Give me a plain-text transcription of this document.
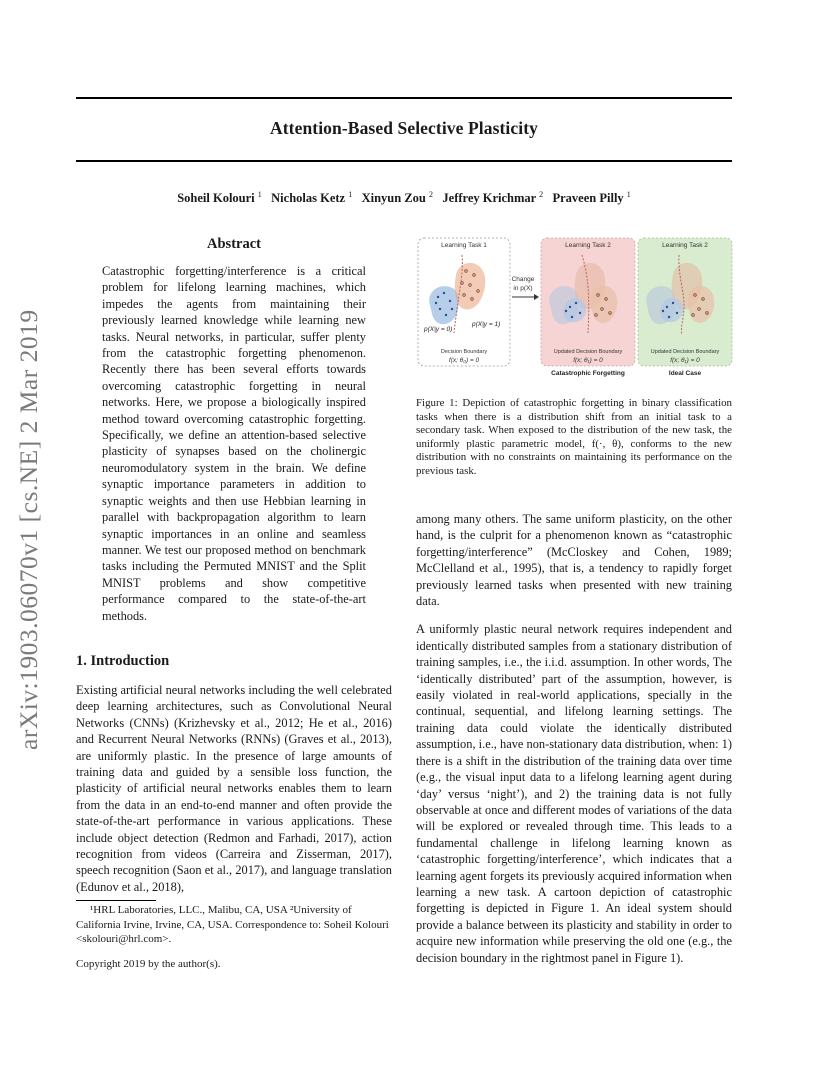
Attention-Based Selective Plasticity
Soheil Kolouri $^1$ Nicholas Ketz $^1$ Xinyun Zou $^2$ Jeffrey Krichmar $^2$ Praveen Pilly $^1$
arXiv:1903.06070v1 [cs.NE] 2 Mar 2019
Abstract
Catastrophic forgetting/interference is a critical problem for lifelong learning machines, which impedes the agents from maintaining their previously learned knowledge while learning new tasks. Neural networks, in particular, suffer plenty from the catastrophic forgetting phenomenon. Recently there has been several efforts towards overcoming catastrophic forgetting in neural networks. Here, we propose a biologically inspired method toward overcoming catastrophic forgetting. Specifically, we define an attention-based selective plasticity of synapses based on the cholinergic neuromodulatory system in the brain. We define synaptic importance parameters in addition to synaptic weights and then use Hebbian learning in parallel with backpropagation algorithm to learn synaptic importances in an online and seamless manner. We test our proposed method on benchmark tasks including the Permuted MNIST and the Split MNIST problems and show competitive performance compared to the state-of-the-art methods.
1. Introduction
Existing artificial neural networks including the well celebrated deep learning architectures, such as Convolutional Neural Networks (CNNs) (Krizhevsky et al., 2012; He et al., 2016) and Recurrent Neural Networks (RNNs) (Graves et al., 2013), are uniformly plastic. In the presence of large amounts of training data and guided by a sensible loss function, the plasticity of artificial neural networks enables them to learn from the data in an end-to-end manner and often provide the state-of-the-art performance in various applications. These include object detection (Redmon and Farhadi, 2017), action recognition from videos (Carreira and Zisserman, 2017), speech recognition (Saon et al., 2017), and language translation (Edunov et al., 2018),

¹HRL Laboratories, LLC., Malibu, CA, USA ²University of California Irvine, Irvine, CA, USA. Correspondence to: Soheil Kolouri <skolouri@hrl.com>.

Copyright 2019 by the author(s).
Learning Task 1
p(X|y = 0)
p(X|y = 1)
Decision Boundary
f(x; θ₀) = 0
Change
in p(X)
Learning Task 2
Updated Decision Boundary
f(x; θ₁) = 0
Catastrophic Forgetting
Learning Task 2
Updated Decision Boundary
f(x; θ₁) = 0
Ideal Case
Figure 1: Depiction of catastrophic forgetting in binary classification tasks when there is a distribution shift from an initial task to a secondary task. When exposed to the distribution of the new task, the uniformly plastic parametric model, f(·, θ), conforms to the new distribution with no constraints on maintaining its performance on the previous task.

among many others. The same uniform plasticity, on the other hand, is the culprit for a phenomenon known as “catastrophic forgetting/interference” (McCloskey and Cohen, 1989; McClelland et al., 1995), that is, a tendency to rapidly forget previously learned tasks when presented with new training data.

A uniformly plastic neural network requires independent and identically distributed samples from a stationary distribution of training samples, i.e., the i.i.d. assumption. In other words, The ‘identically distributed’ part of the assumption, however, is easily violated in real-world applications, specially in the continual, sequential, and lifelong learning settings. The training data could violate the identically distributed assumption, i.e., have non-stationary data distribution, when: 1) there is a shift in the distribution of the training data over time (e.g., the visual input data to a lifelong learning agent during ‘day’ versus ‘night’), and 2) the training data is not fully observable at once and different modes of variations of the data will be explored or revealed through time. This leads to a fundamental challenge in lifelong learning known as ‘catastrophic forgetting/interference’, which indicates that a learning agent forgets its previously acquired information when learning a new task. A cartoon depiction of catastrophic forgetting is depicted in Figure 1. An ideal system should provide a balance between its plasticity and stability in order to acquire new information while preserving the old one (e.g., the decision boundary in the rightmost panel in Figure 1).
